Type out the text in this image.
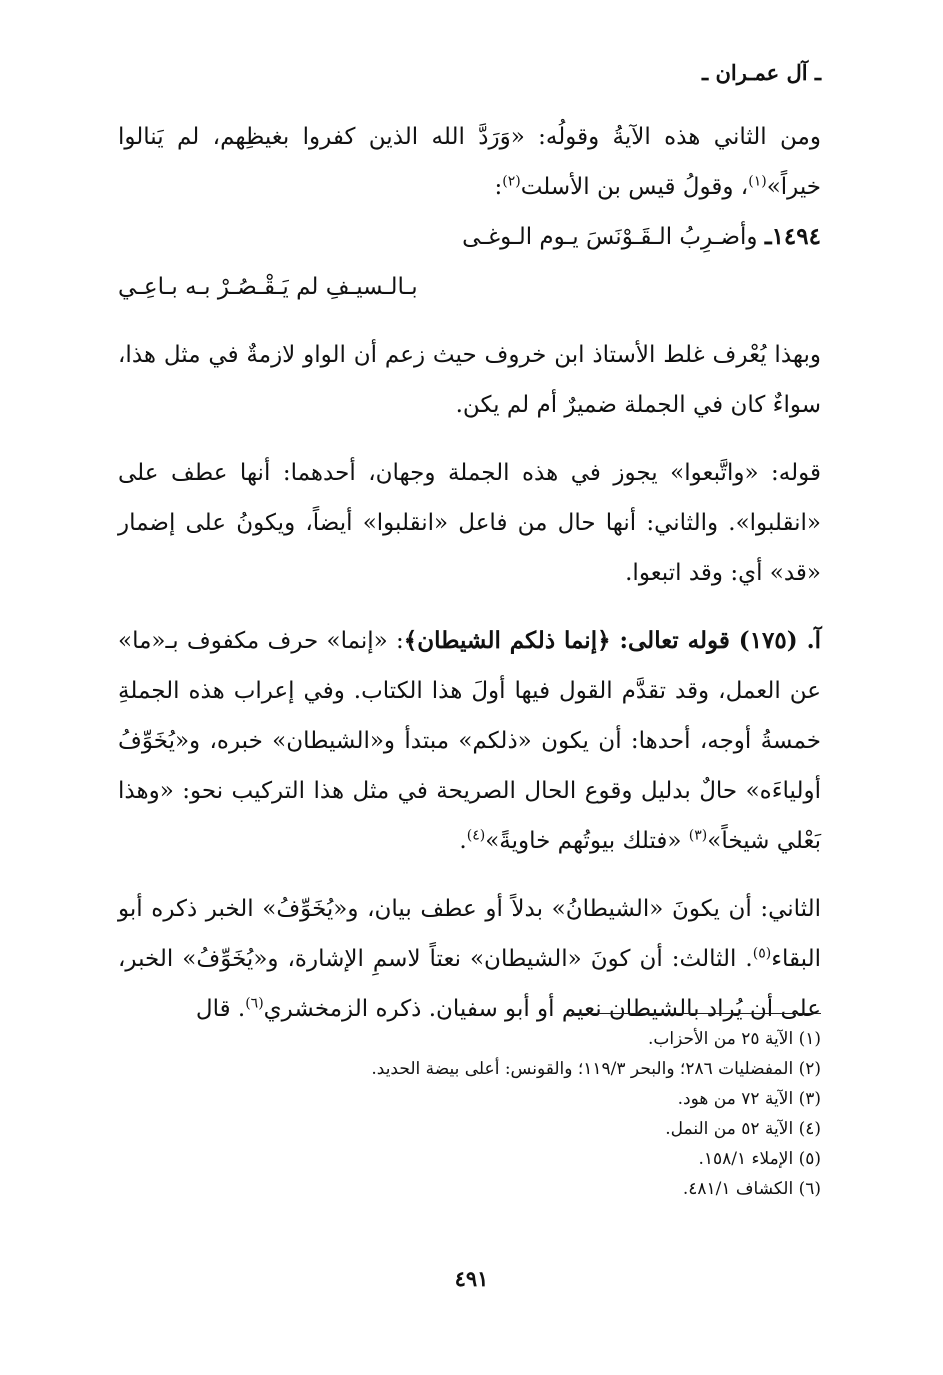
ـ آل عمـران ـ

ومن الثاني هذه الآيةُ وقولُه: «وَرَدَّ الله الذين كفروا بغيظِهم، لم يَنالوا خيراً»$^{(١)}$، وقولُ قيس بن الأسلت$^{(٢)}$:

١٤٩٤ـ وأضـرِبُ الـقَـوْنَسَ يـوم الـوغـى
بـالـسيـفِ لم يَـقْـصُـرْ بـه بـاعِـي

وبهذا يُعْرف غلط الأستاذ ابن خروف حيث زعم أن الواو لازمةٌ في مثل هذا، سواءٌ كان في الجملة ضميرٌ أم لم يكن.

قوله: «واتَّبعوا» يجوز في هذه الجملة وجهان، أحدهما: أنها عطف على «انقلبوا». والثاني: أنها حال من فاعل «انقلبوا» أيضاً، ويكونُ على إضمار «قد» أي: وقد اتبعوا.

آ. (١٧٥) قوله تعالى: ﴿إنما ذلكم الشيطان﴾: «إنما» حرف مكفوف بـ«ما» عن العمل، وقد تقدَّم القول فيها أولَ هذا الكتاب. وفي إعراب هذه الجملةِ خمسةُ أوجه، أحدها: أن يكون «ذلكم» مبتدأ و«الشيطان» خبره، و«يُخَوِّفُ أولياءَه» حالٌ بدليل وقوع الحال الصريحة في مثل هذا التركيب نحو: «وهذا بَعْلي شيخاً»$^{(٣)}$ «فتلك بيوتُهم خاويةً»$^{(٤)}$.

الثاني: أن يكونَ «الشيطانُ» بدلاً أو عطف بيان، و«يُخَوِّفُ» الخبر ذكره أبو البقاء$^{(٥)}$. الثالث: أن كونَ «الشيطان» نعتاً لاسمِ الإشارة، و«يُخَوِّفُ» الخبر، على أن يُراد بالشيطان نعيم أو أبو سفيان. ذكره الزمخشري$^{(٦)}$. قال

(١) الآية ٢٥ من الأحزاب.
(٢) المفضليات ٢٨٦؛ والبحر ١١٩/٣؛ والقونس: أعلى بيضة الحديد.
(٣) الآية ٧٢ من هود.
(٤) الآية ٥٢ من النمل.
(٥) الإملاء ١٥٨/١.
(٦) الكشاف ٤٨١/١.
٤٩١
